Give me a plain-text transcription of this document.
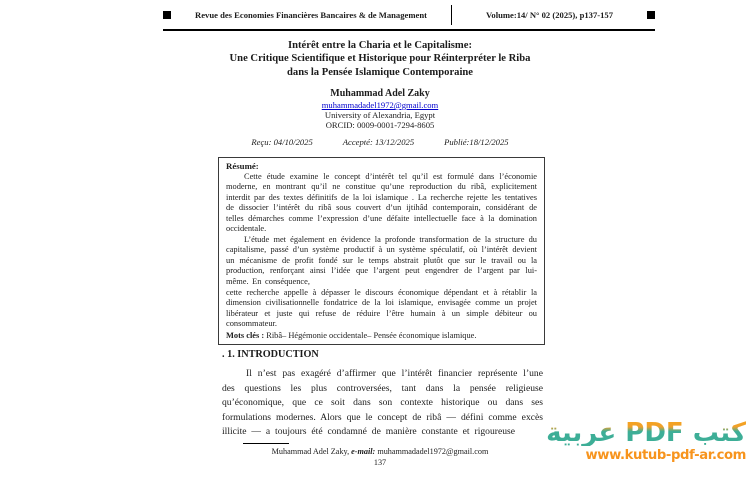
Revue des Economies Financières Bancaires & de Management	Volume:14/ N° 02 (2025), p137-157
Intérêt entre la Charia et le Capitalisme:
Une Critique Scientifique et Historique pour Réinterpréter le Riba
dans la Pensée Islamique Contemporaine
Muhammad Adel Zaky
muhammadadel1972@gmail.com
University of Alexandria, Egypt
ORCID: 0009-0001-7294-8605
Reçu: 04/10/2025	Accepté: 13/12/2025	Publié:18/12/2025
Résumé:

Cette étude examine le concept d’intérêt tel qu’il est formulé dans l’économie moderne, en montrant qu’il ne constitue qu’une reproduction du ribâ, explicitement interdit par des textes définitifs de la loi islamique . La recherche rejette les tentatives de dissocier l’intérêt du ribâ sous couvert d’un ijtihâd contemporain, considérant de telles démarches comme l’expression d’une défaite intellectuelle face à la domination occidentale.

L’étude met également en évidence la profonde transformation de la structure du capitalisme, passé d’un système productif à un système spéculatif, où l’intérêt devient un mécanisme de profit fondé sur le temps abstrait plutôt que sur le travail ou la production, renforçant ainsi l’idée que l’argent peut engendrer de l’argent par lui- même. En conséquence,

cette recherche appelle à dépasser le discours économique dépendant et à rétablir la dimension civilisationnelle fondatrice de la loi islamique, envisagée comme un projet libérateur et juste qui refuse de réduire l’être humain à un simple débiteur ou consommateur.

Mots clés : Ribâ– Hégémonie occidentale– Pensée économique islamique.
. 1. INTRODUCTION
Il n’est pas exagéré d’affirmer que l’intérêt financier représente l’une des questions les plus controversées, tant dans la pensée religieuse qu’économique, que ce soit dans son contexte historique ou dans ses formulations modernes. Alors que le concept de ribâ — défini comme excès illicite — a toujours été condamné de manière constante et rigoureuse
Muhammad Adel Zaky, e-mail: muhammadadel1972@gmail.com
137
كتب PDF عربية
www.kutub-pdf-ar.com
